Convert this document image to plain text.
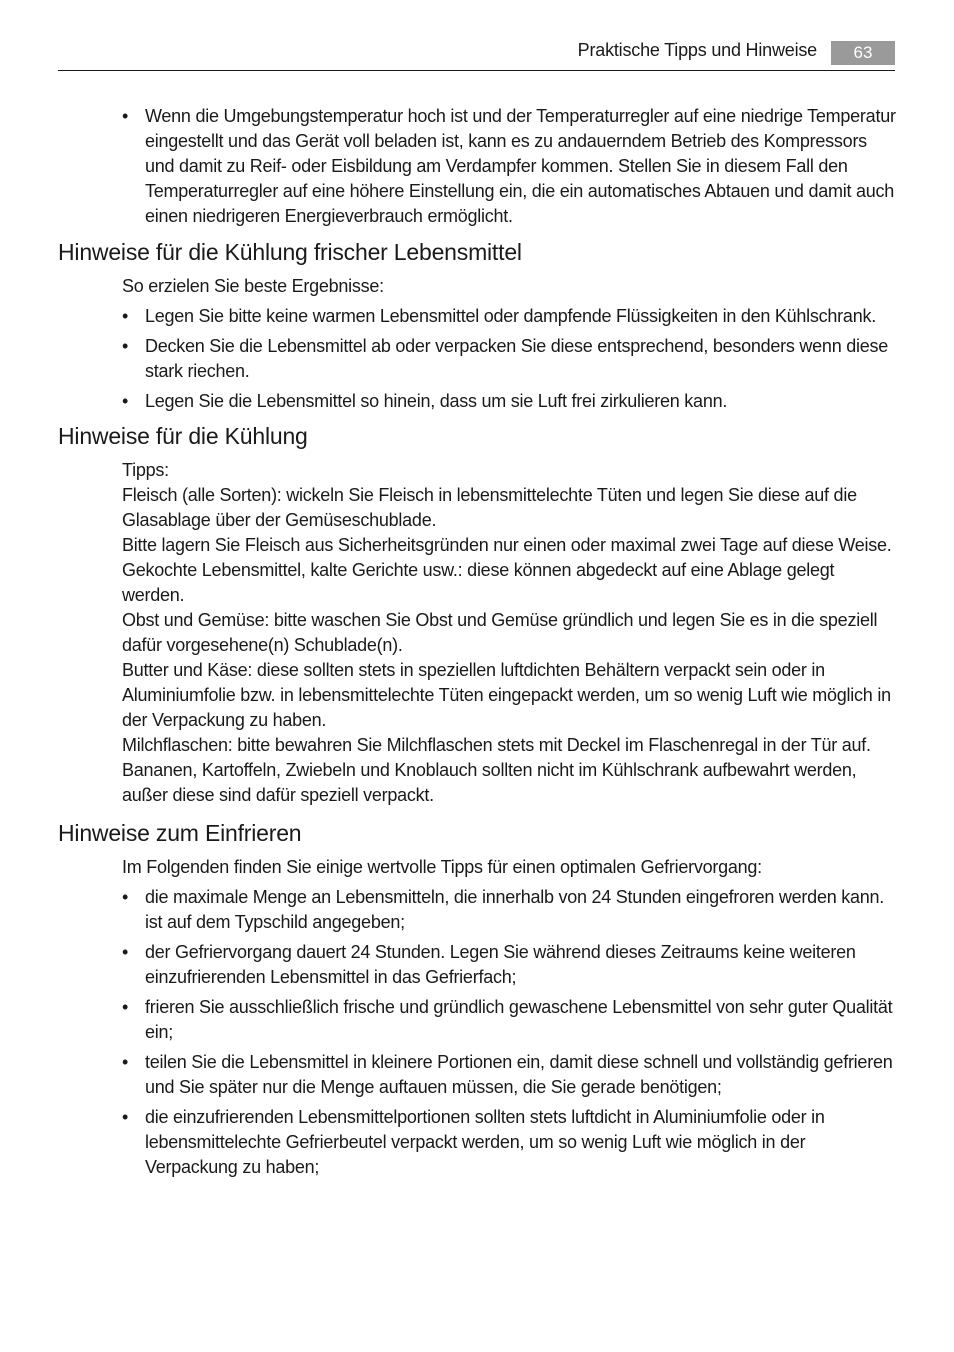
Praktische Tipps und Hinweise	63
• Wenn die Umgebungstemperatur hoch ist und der Temperaturregler auf eine niedrige Temperatur eingestellt und das Gerät voll beladen ist, kann es zu andauerndem Betrieb des Kompressors und damit zu Reif- oder Eisbildung am Verdampfer kommen. Stellen Sie in diesem Fall den Temperaturregler auf eine höhere Einstellung ein, die ein automatisches Abtauen und damit auch einen niedrigeren Energieverbrauch ermöglicht.
Hinweise für die Kühlung frischer Lebensmittel
So erzielen Sie beste Ergebnisse:
• Legen Sie bitte keine warmen Lebensmittel oder dampfende Flüssigkeiten in den Kühlschrank.
• Decken Sie die Lebensmittel ab oder verpacken Sie diese entsprechend, besonders wenn diese stark riechen.
• Legen Sie die Lebensmittel so hinein, dass um sie Luft frei zirkulieren kann.
Hinweise für die Kühlung

Tipps:

Fleisch (alle Sorten): wickeln Sie Fleisch in lebensmittelechte Tüten und legen Sie diese auf die Glasablage über der Gemüseschublade.

Bitte lagern Sie Fleisch aus Sicherheitsgründen nur einen oder maximal zwei Tage auf diese Weise.

Gekochte Lebensmittel, kalte Gerichte usw.: diese können abgedeckt auf eine Ablage gelegt werden.

Obst und Gemüse: bitte waschen Sie Obst und Gemüse gründlich und legen Sie es in die speziell dafür vorgesehene(n) Schublade(n).

Butter und Käse: diese sollten stets in speziellen luftdichten Behältern verpackt sein oder in Aluminiumfolie bzw. in lebensmittelechte Tüten eingepackt werden, um so wenig Luft wie möglich in der Verpackung zu haben.

Milchflaschen: bitte bewahren Sie Milchflaschen stets mit Deckel im Flaschenregal in der Tür auf.

Bananen, Kartoffeln, Zwiebeln und Knoblauch sollten nicht im Kühlschrank aufbewahrt werden, außer diese sind dafür speziell verpackt.

Hinweise zum Einfrieren
Im Folgenden finden Sie einige wertvolle Tipps für einen optimalen Gefriervorgang:
• die maximale Menge an Lebensmitteln, die innerhalb von 24 Stunden eingefroren werden kann. ist auf dem Typschild angegeben;
• der Gefriervorgang dauert 24 Stunden. Legen Sie während dieses Zeitraums keine weiteren einzufrierenden Lebensmittel in das Gefrierfach;
• frieren Sie ausschließlich frische und gründlich gewaschene Lebensmittel von sehr guter Qualität ein;
• teilen Sie die Lebensmittel in kleinere Portionen ein, damit diese schnell und vollständig gefrieren und Sie später nur die Menge auftauen müssen, die Sie gerade benötigen;
• die einzufrierenden Lebensmittelportionen sollten stets luftdicht in Aluminiumfolie oder in lebensmittelechte Gefrierbeutel verpackt werden, um so wenig Luft wie möglich in der Verpackung zu haben;
